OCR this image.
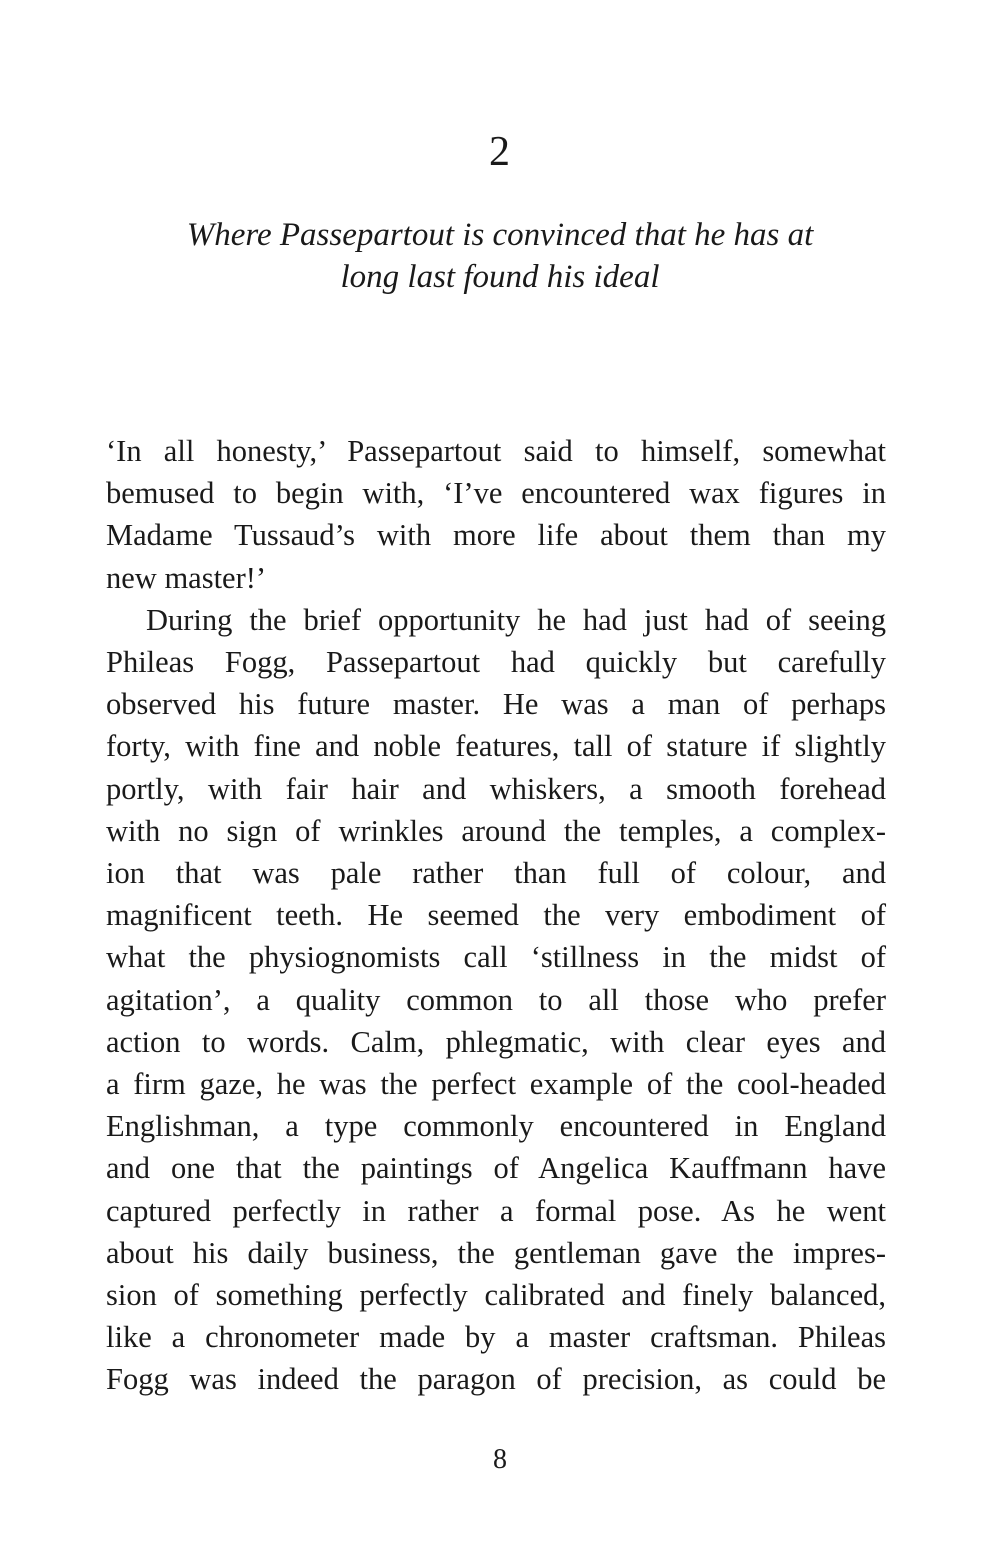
2
Where Passepartout is convinced that he has at
long last found his ideal
‘In all honesty,’ Passepartout said to himself, somewhat
bemused to begin with, ‘I’ve encountered wax figures in
Madame Tussaud’s with more life about them than my
new master!’
During the brief opportunity he had just had of seeing
Phileas Fogg, Passepartout had quickly but carefully
observed his future master. He was a man of perhaps
forty, with fine and noble features, tall of stature if slightly
portly, with fair hair and whiskers, a smooth forehead
with no sign of wrinkles around the temples, a complex-
ion that was pale rather than full of colour, and
magnificent teeth. He seemed the very embodiment of
what the physiognomists call ‘stillness in the midst of
agitation’, a quality common to all those who prefer
action to words. Calm, phlegmatic, with clear eyes and
a firm gaze, he was the perfect example of the cool-headed
Englishman, a type commonly encountered in England
and one that the paintings of Angelica Kauffmann have
captured perfectly in rather a formal pose. As he went
about his daily business, the gentleman gave the impres-
sion of something perfectly calibrated and finely balanced,
like a chronometer made by a master craftsman. Phileas
Fogg was indeed the paragon of precision, as could be
8
